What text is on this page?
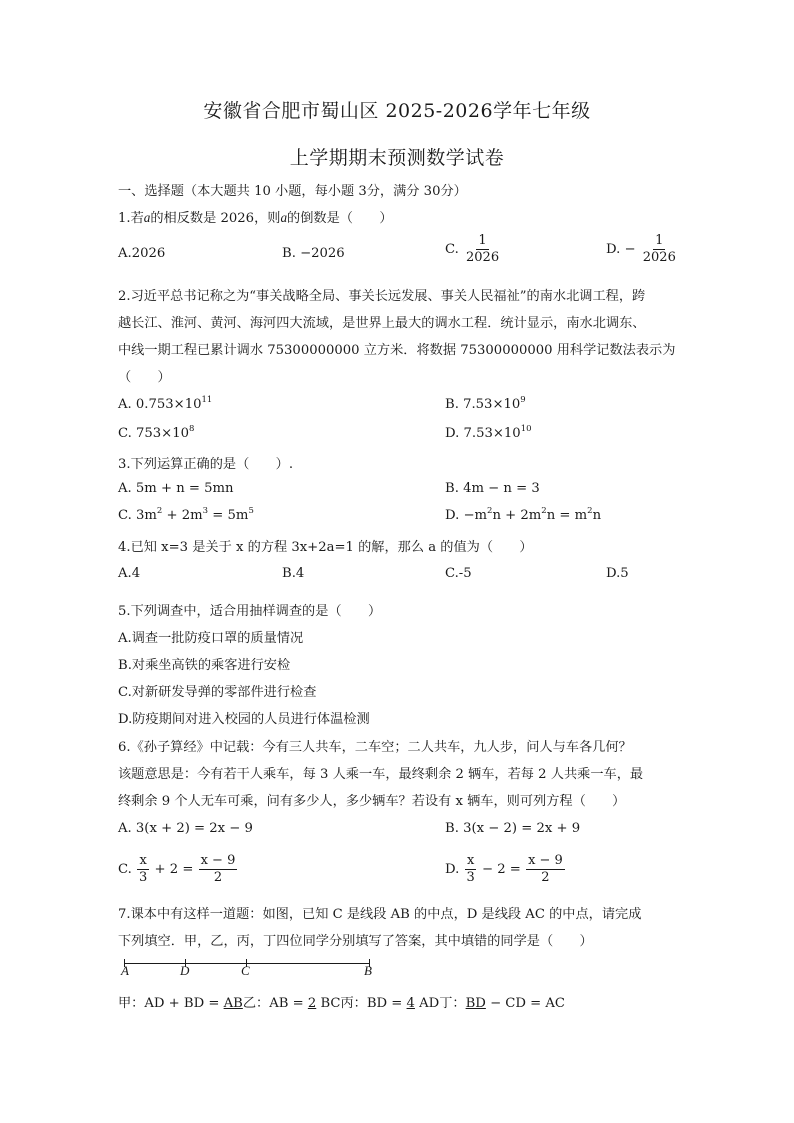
安徽省合肥市蜀山区 2025-2026学年七年级
上学期期末预测数学试卷
一、选择题（本大题共 10 小题，每小题 3分，满分 30分）
1.若a的相反数是 2026，则a的倒数是（　　）
A.2026	B. −2026	C. $\frac{1}{2026}$	D. − $\frac{1}{2026}$
2.习近平总书记称之为“事关战略全局、事关长远发展、事关人民福祉”的南水北调工程，跨
越长江、淮河、黄河、海河四大流域，是世界上最大的调水工程．统计显示，南水北调东、
中线一期工程已累计调水 75300000000 立方米．将数据 75300000000 用科学记数法表示为
（　　）
A. $0.753\times 10^{11}$	B. $7.53\times 10^9$
C. $753\times 10^8$	D. $7.53\times 10^{10}$
3.下列运算正确的是（　　）.
A. 5m + n = 5mn	B. 4m − n = 3
C. $3m^2 + 2m^3 = 5m^5$	D. $-m^2n + 2m^2n = m^2n$
4.已知 x=3 是关于 x 的方程 3x+2a=1 的解，那么 a 的值为（　　）
A.4	B.4	C.-5	D.5
5.下列调查中，适合用抽样调查的是（　　）
A.调查一批防疫口罩的质量情况
B.对乘坐高铁的乘客进行安检
C.对新研发导弹的零部件进行检查
D.防疫期间对进入校园的人员进行体温检测
6.《孙子算经》中记载：今有三人共车，二车空；二人共车，九人步，问人与车各几何？
该题意思是：今有若干人乘车，每 3 人乘一车，最终剩余 2 辆车，若每 2 人共乘一车，最
终剩余 9 个人无车可乘，问有多少人，多少辆车？若设有 x 辆车，则可列方程（　　）
A. 3(x + 2) = 2x − 9	B. 3(x − 2) = 2x + 9
C. $\frac{x}{3} + 2 = \frac{x - 9}{2}$	D. $\frac{x}{3} - 2 = \frac{x - 9}{2}$
7.课本中有这样一道题：如图，已知 C 是线段 AB 的中点，D 是线段 AC 的中点，请完成
下列填空．甲，乙，丙，丁四位同学分别填写了答案，其中填错的同学是（　　）
A	D	C	B
甲：AD + BD = AB乙：AB = 2 BC丙：BD = 4 AD丁：BD − CD = AC
